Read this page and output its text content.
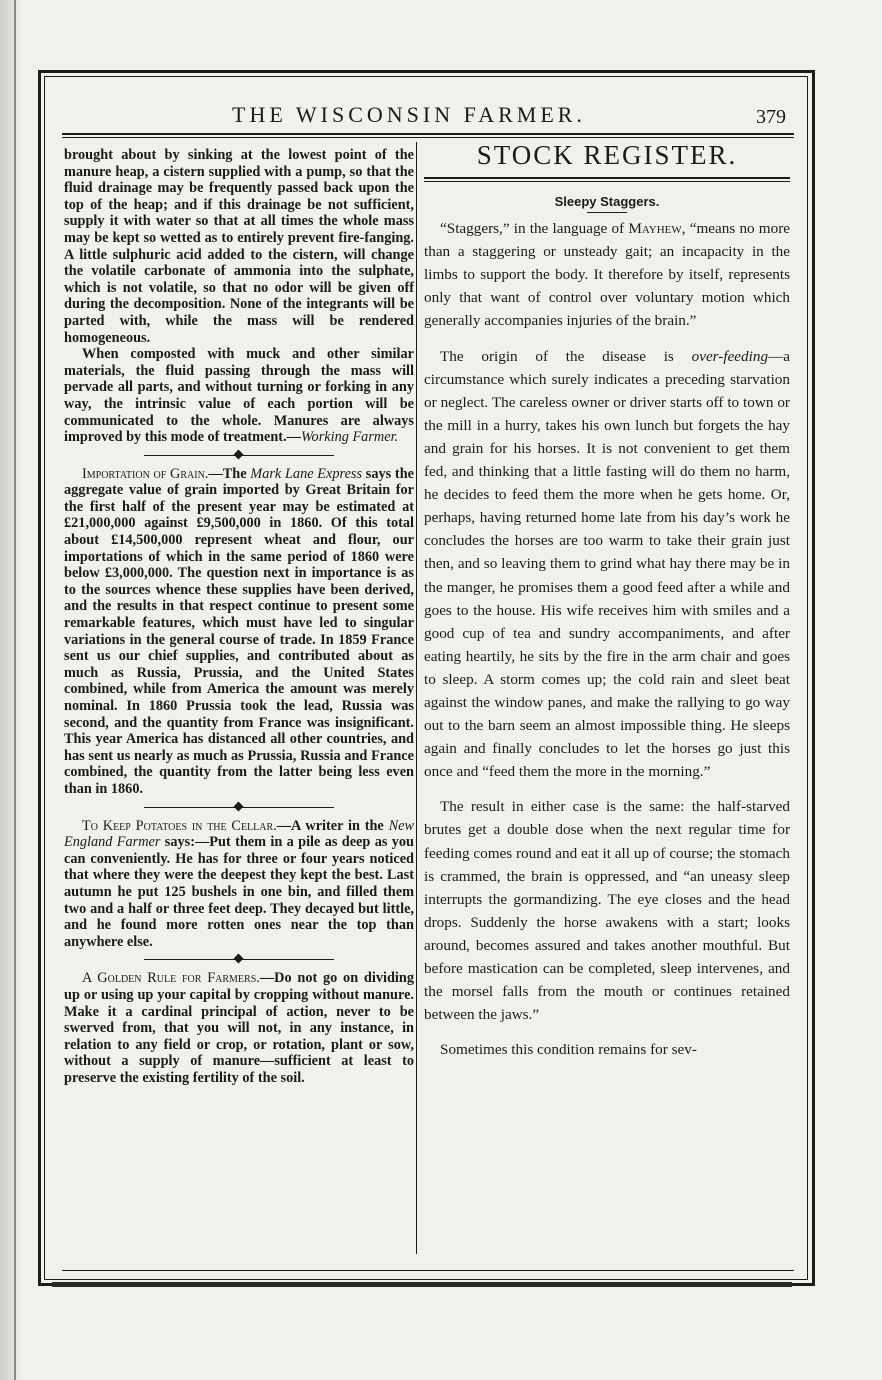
THE WISCONSIN FARMER.	379

brought about by sinking at the lowest point of the manure heap, a cistern supplied with a pump, so that the fluid drainage may be frequently passed back upon the top of the heap; and if this drainage be not sufficient, supply it with water so that at all times the whole mass may be kept so wetted as to entirely prevent fire-fanging. A little sulphuric acid added to the cistern, will change the volatile carbonate of ammonia into the sulphate, which is not volatile, so that no odor will be given off during the decomposition. None of the integrants will be parted with, while the mass will be rendered homogeneous.

When composted with muck and other similar materials, the fluid passing through the mass will pervade all parts, and without turning or forking in any way, the intrinsic value of each portion will be communicated to the whole. Manures are always improved by this mode of treatment.—Working Farmer.

Importation of Grain.—The Mark Lane Express says the aggregate value of grain imported by Great Britain for the first half of the present year may be estimated at £21,000,000 against £9,500,000 in 1860. Of this total about £14,500,000 represent wheat and flour, our importations of which in the same period of 1860 were below £3,000,000. The question next in importance is as to the sources whence these supplies have been derived, and the results in that respect continue to present some remarkable features, which must have led to singular variations in the general course of trade. In 1859 France sent us our chief supplies, and contributed about as much as Russia, Prussia, and the United States combined, while from America the amount was merely nominal. In 1860 Prussia took the lead, Russia was second, and the quantity from France was insignificant. This year America has distanced all other countries, and has sent us nearly as much as Prussia, Russia and France combined, the quantity from the latter being less even than in 1860.

To Keep Potatoes in the Cellar.—A writer in the New England Farmer says:—Put them in a pile as deep as you can conveniently. He has for three or four years noticed that where they were the deepest they kept the best. Last autumn he put 125 bushels in one bin, and filled them two and a half or three feet deep. They decayed but little, and he found more rotten ones near the top than anywhere else.

A Golden Rule for Farmers.—Do not go on dividing up or using up your capital by cropping without manure. Make it a cardinal principal of action, never to be swerved from, that you will not, in any instance, in relation to any field or crop, or rotation, plant or sow, without a supply of manure—sufficient at least to preserve the existing fertility of the soil.

STOCK REGISTER.
Sleepy Staggers.

“Staggers,” in the language of Mayhew, “means no more than a staggering or unsteady gait; an incapacity in the limbs to support the body. It therefore by itself, represents only that want of control over voluntary motion which generally accompanies injuries of the brain.”

The origin of the disease is over-feeding—a circumstance which surely indicates a preceding starvation or neglect. The careless owner or driver starts off to town or the mill in a hurry, takes his own lunch but forgets the hay and grain for his horses. It is not convenient to get them fed, and thinking that a little fasting will do them no harm, he decides to feed them the more when he gets home. Or, perhaps, having returned home late from his day’s work he concludes the horses are too warm to take their grain just then, and so leaving them to grind what hay there may be in the manger, he promises them a good feed after a while and goes to the house. His wife receives him with smiles and a good cup of tea and sundry accompaniments, and after eating heartily, he sits by the fire in the arm chair and goes to sleep. A storm comes up; the cold rain and sleet beat against the window panes, and make the rallying to go way out to the barn seem an almost impossible thing. He sleeps again and finally concludes to let the horses go just this once and “feed them the more in the morning.”

The result in either case is the same: the half-starved brutes get a double dose when the next regular time for feeding comes round and eat it all up of course; the stomach is crammed, the brain is oppressed, and “an uneasy sleep interrupts the gormandizing. The eye closes and the head drops. Suddenly the horse awakens with a start; looks around, becomes assured and takes another mouthful. But before mastication can be completed, sleep intervenes, and the morsel falls from the mouth or continues retained between the jaws.”

Sometimes this condition remains for sev-
